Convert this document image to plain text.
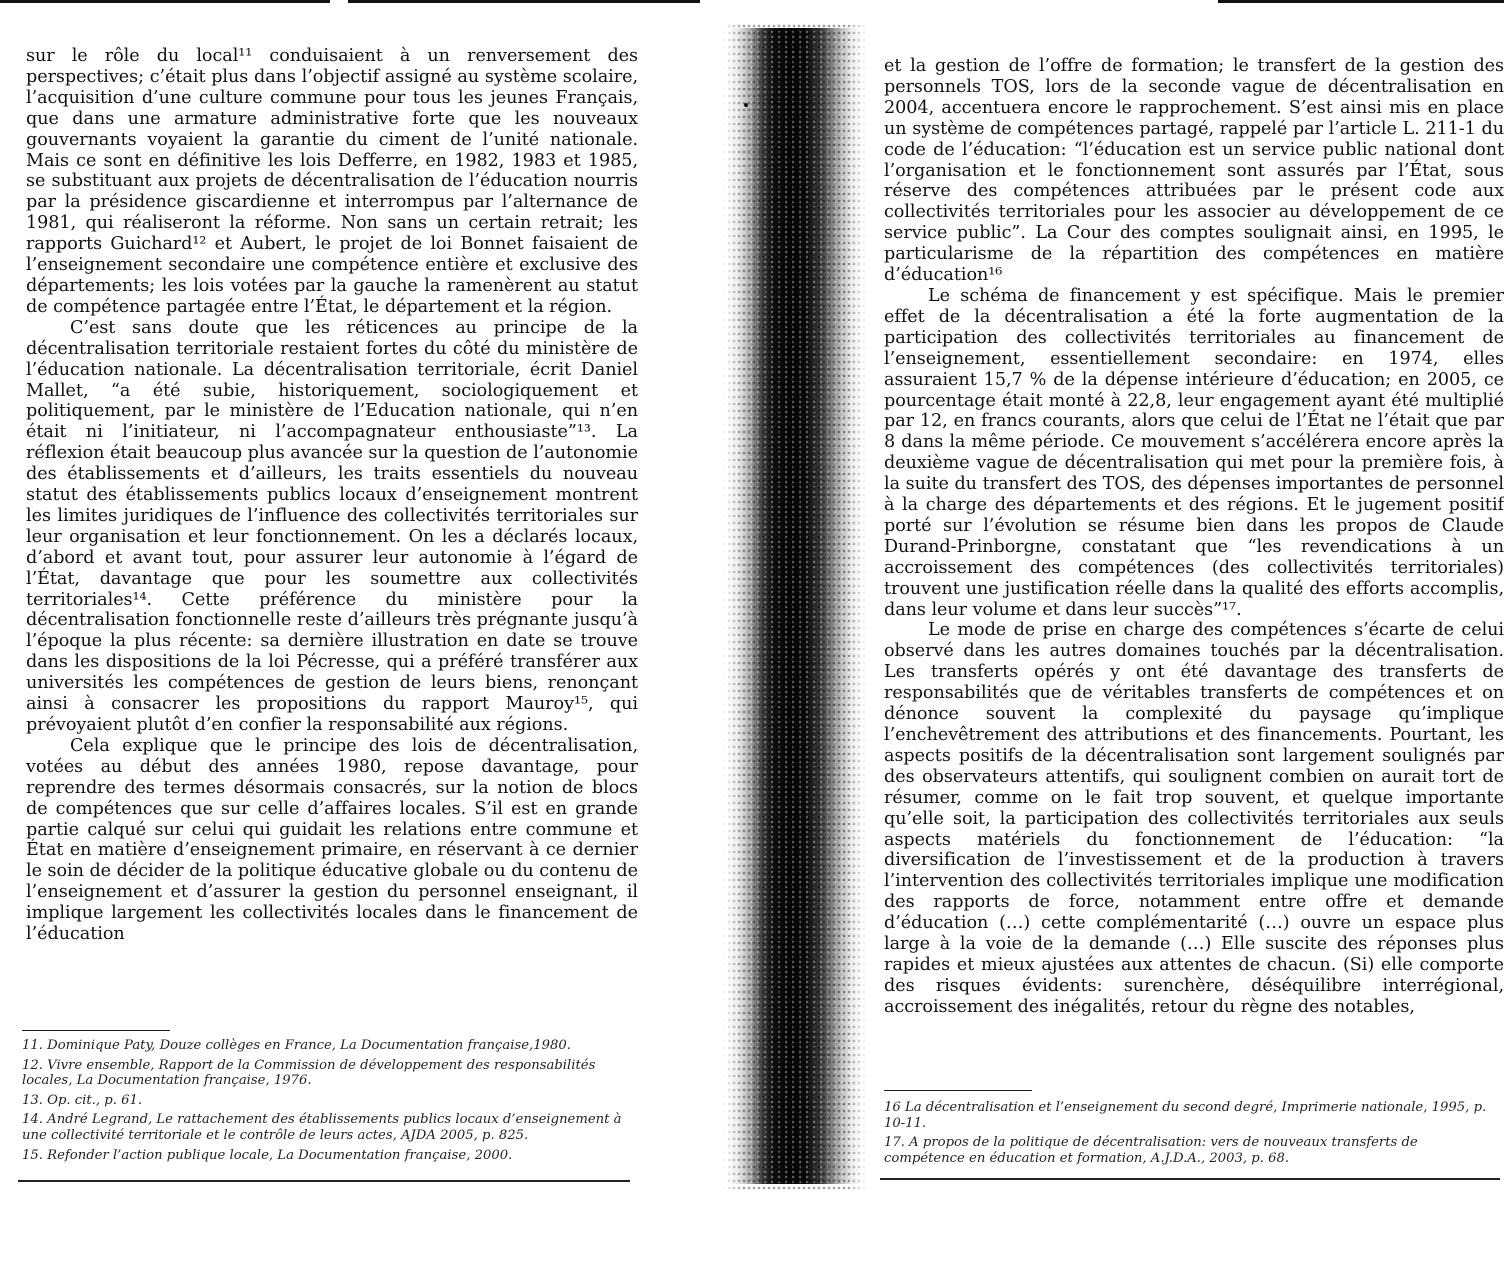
sur le rôle du local¹¹ conduisaient à un renversement des perspectives; c’était plus dans l’objectif assigné au système scolaire, l’acquisition d’une culture commune pour tous les jeunes Français, que dans une armature administrative forte que les nouveaux gouvernants voyaient la garantie du ciment de l’unité nationale. Mais ce sont en définitive les lois Defferre, en 1982, 1983 et 1985, se substituant aux projets de décentralisation de l’éducation nourris par la présidence giscardienne et interrompus par l’alternance de 1981, qui réaliseront la réforme. Non sans un certain retrait; les rapports Guichard¹² et Aubert, le projet de loi Bonnet faisaient de l’enseignement secondaire une compétence entière et exclusive des départements; les lois votées par la gauche la ramenèrent au statut de compétence partagée entre l’État, le département et la région.

C’est sans doute que les réticences au principe de la décentralisation territoriale restaient fortes du côté du ministère de l’éducation nationale. La décentralisation territoriale, écrit Daniel Mallet, “a été subie, historiquement, sociologiquement et politiquement, par le ministère de l’Education nationale, qui n’en était ni l’initiateur, ni l’accompagnateur enthousiaste”¹³. La réflexion était beaucoup plus avancée sur la question de l’autonomie des établissements et d’ailleurs, les traits essentiels du nouveau statut des établissements publics locaux d’enseignement montrent les limites juridiques de l’influence des collectivités territoriales sur leur organisation et leur fonctionnement. On les a déclarés locaux, d’abord et avant tout, pour assurer leur autonomie à l’égard de l’État, davantage que pour les soumettre aux collectivités territoriales¹⁴. Cette préférence du ministère pour la décentralisation fonctionnelle reste d’ailleurs très prégnante jusqu’à l’époque la plus récente: sa dernière illustration en date se trouve dans les dispositions de la loi Pécresse, qui a préféré transférer aux universités les compétences de gestion de leurs biens, renonçant ainsi à consacrer les propositions du rapport Mauroy¹⁵, qui prévoyaient plutôt d’en confier la responsabilité aux régions.

Cela explique que le principe des lois de décentralisation, votées au début des années 1980, repose davantage, pour reprendre des termes désormais consacrés, sur la notion de blocs de compétences que sur celle d’affaires locales. S’il est en grande partie calqué sur celui qui guidait les relations entre commune et État en matière d’enseignement primaire, en réservant à ce dernier le soin de décider de la politique éducative globale ou du contenu de l’enseignement et d’assurer la gestion du personnel enseignant, il implique largement les collectivités locales dans le financement de l’éducation

11. Dominique Paty, Douze collèges en France, La Documentation française,1980.

12. Vivre ensemble, Rapport de la Commission de développement des responsabilités locales, La Documentation française, 1976.

13. Op. cit., p. 61.

14. André Legrand, Le rattachement des établissements publics locaux d’enseignement à une collectivité territoriale et le contrôle de leurs actes, AJDA 2005, p. 825.

15. Refonder l’action publique locale, La Documentation française, 2000.

et la gestion de l’offre de formation; le transfert de la gestion des personnels TOS, lors de la seconde vague de décentralisation en 2004, accentuera encore le rapprochement. S’est ainsi mis en place un système de compétences partagé, rappelé par l’article L. 211-1 du code de l’éducation: “l’éducation est un service public national dont l’organisation et le fonctionnement sont assurés par l’État, sous réserve des compétences attribuées par le présent code aux collectivités territoriales pour les associer au développement de ce service public”. La Cour des comptes soulignait ainsi, en 1995, le particularisme de la répartition des compétences en matière d’éducation¹⁶

Le schéma de financement y est spécifique. Mais le premier effet de la décentralisation a été la forte augmentation de la participation des collectivités territoriales au financement de l’enseignement, essentiellement secondaire: en 1974, elles assuraient 15,7 % de la dépense intérieure d’éducation; en 2005, ce pourcentage était monté à 22,8, leur engagement ayant été multiplié par 12, en francs courants, alors que celui de l’État ne l’était que par 8 dans la même période. Ce mouvement s’accélérera encore après la deuxième vague de décentralisation qui met pour la première fois, à la suite du transfert des TOS, des dépenses importantes de personnel à la charge des départements et des régions. Et le jugement positif porté sur l’évolution se résume bien dans les propos de Claude Durand-Prinborgne, constatant que “les revendications à un accroissement des compétences (des collectivités territoriales) trouvent une justification réelle dans la qualité des efforts accomplis, dans leur volume et dans leur succès”¹⁷.

Le mode de prise en charge des compétences s’écarte de celui observé dans les autres domaines touchés par la décentralisation. Les transferts opérés y ont été davantage des transferts de responsabilités que de véritables transferts de compétences et on dénonce souvent la complexité du paysage qu’implique l’enchevêtrement des attributions et des financements. Pourtant, les aspects positifs de la décentralisation sont largement soulignés par des observateurs attentifs, qui soulignent combien on aurait tort de résumer, comme on le fait trop souvent, et quelque importante qu’elle soit, la participation des collectivités territoriales aux seuls aspects matériels du fonctionnement de l’éducation: “la diversification de l’investissement et de la production à travers l’intervention des collectivités territoriales implique une modification des rapports de force, notamment entre offre et demande d’éducation (…) cette complémentarité (…) ouvre un espace plus large à la voie de la demande (…) Elle suscite des réponses plus rapides et mieux ajustées aux attentes de chacun. (Si) elle comporte des risques évidents: surenchère, déséquilibre interrégional, accroissement des inégalités, retour du règne des notables,

16 La décentralisation et l’enseignement du second degré, Imprimerie nationale, 1995, p. 10-11.

17. A propos de la politique de décentralisation: vers de nouveaux transferts de compétence en éducation et formation, A.J.D.A., 2003, p. 68.
